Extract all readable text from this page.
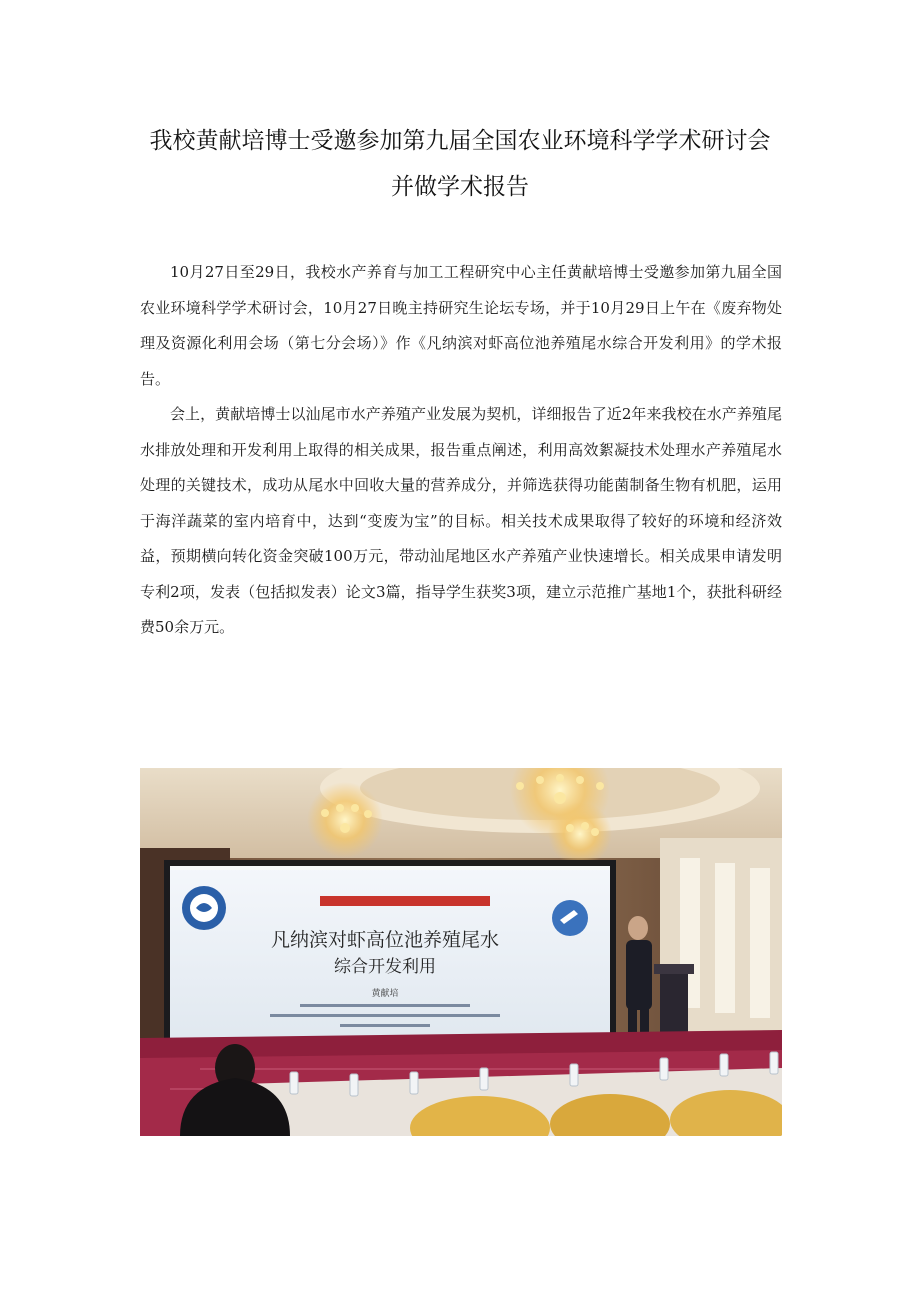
我校黄献培博士受邀参加第九届全国农业环境科学学术研讨会
并做学术报告

10月27日至29日，我校水产养育与加工工程研究中心主任黄献培博士受邀参加第九届全国农业环境科学学术研讨会，10月27日晚主持研究生论坛专场，并于10月29日上午在《废弃物处理及资源化利用会场（第七分会场）》作《凡纳滨对虾高位池养殖尾水综合开发利用》的学术报告。

会上，黄献培博士以汕尾市水产养殖产业发展为契机，详细报告了近2年来我校在水产养殖尾水排放处理和开发利用上取得的相关成果，报告重点阐述，利用高效絮凝技术处理水产养殖尾水处理的关键技术，成功从尾水中回收大量的营养成分，并筛选获得功能菌制备生物有机肥，运用于海洋蔬菜的室内培育中，达到“变废为宝”的目标。相关技术成果取得了较好的环境和经济效益，预期横向转化资金突破100万元，带动汕尾地区水产养殖产业快速增长。相关成果申请发明专利2项，发表（包括拟发表）论文3篇，指导学生获奖3项，建立示范推广基地1个，获批科研经费50余万元。

凡纳滨对虾高位池养殖尾水
综合开发利用
黄献培
